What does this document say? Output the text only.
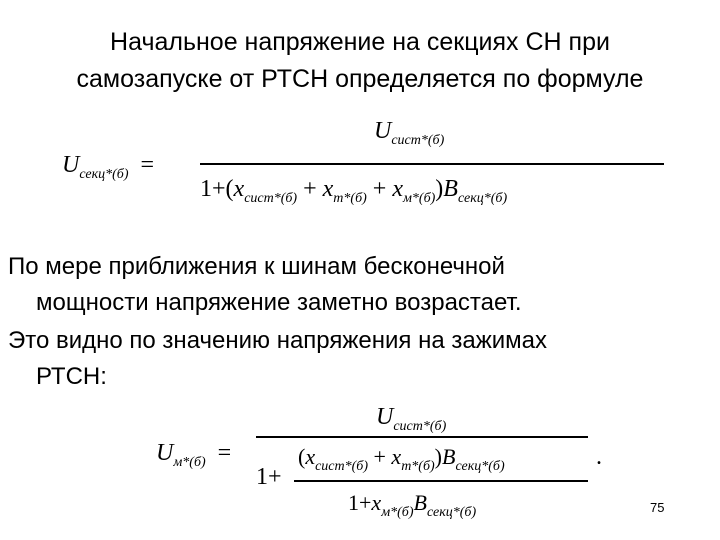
Начальное напряжение на секциях СН при
самозапуске от РТСН определяется по формуле
$U_{секц*(б)}$ =
$U_{сист*(б)}$
$1+(x_{сист*(б)} + x_{т*(б)} + x_{м*(б)})B_{секц*(б)}$
По мере приближения к шинам бесконечной
мощности напряжение заметно возрастает.
Это видно по значению напряжения на зажимах
РТСН:
$U_{м*(б)}$ =
$U_{сист*(б)}$
1+
$(x_{сист*(б)} + x_{т*(б)})B_{секц*(б)}$
$1+x_{м*(б)}B_{секц*(б)}$
.
75
